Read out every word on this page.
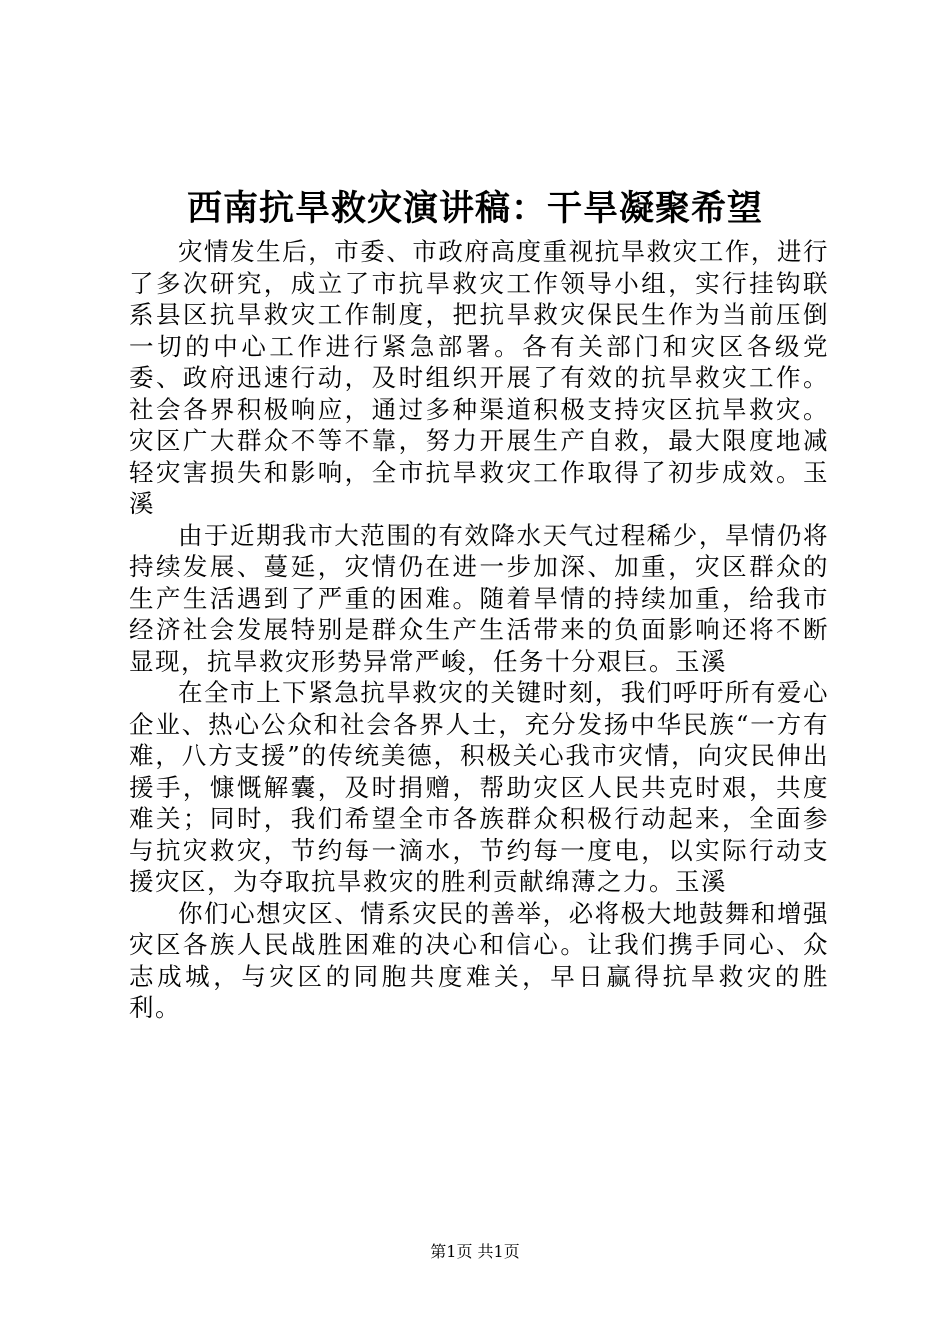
西南抗旱救灾演讲稿：干旱凝聚希望

灾情发生后，市委、市政府高度重视抗旱救灾工作，进行了多次研究，成立了市抗旱救灾工作领导小组，实行挂钩联系县区抗旱救灾工作制度，把抗旱救灾保民生作为当前压倒一切的中心工作进行紧急部署。各有关部门和灾区各级党委、政府迅速行动，及时组织开展了有效的抗旱救灾工作。社会各界积极响应，通过多种渠道积极支持灾区抗旱救灾。灾区广大群众不等不靠，努力开展生产自救，最大限度地减轻灾害损失和影响，全市抗旱救灾工作取得了初步成效。玉溪

由于近期我市大范围的有效降水天气过程稀少，旱情仍将持续发展、蔓延，灾情仍在进一步加深、加重，灾区群众的生产生活遇到了严重的困难。随着旱情的持续加重，给我市经济社会发展特别是群众生产生活带来的负面影响还将不断显现，抗旱救灾形势异常严峻，任务十分艰巨。玉溪

在全市上下紧急抗旱救灾的关键时刻，我们呼吁所有爱心企业、热心公众和社会各界人士，充分发扬中华民族“一方有难，八方支援”的传统美德，积极关心我市灾情，向灾民伸出援手，慷慨解囊，及时捐赠，帮助灾区人民共克时艰，共度难关；同时，我们希望全市各族群众积极行动起来，全面参与抗灾救灾，节约每一滴水，节约每一度电，以实际行动支援灾区，为夺取抗旱救灾的胜利贡献绵薄之力。玉溪

你们心想灾区、情系灾民的善举，必将极大地鼓舞和增强灾区各族人民战胜困难的决心和信心。让我们携手同心、众志成城，与灾区的同胞共度难关，早日赢得抗旱救灾的胜利。

第1页 共1页
